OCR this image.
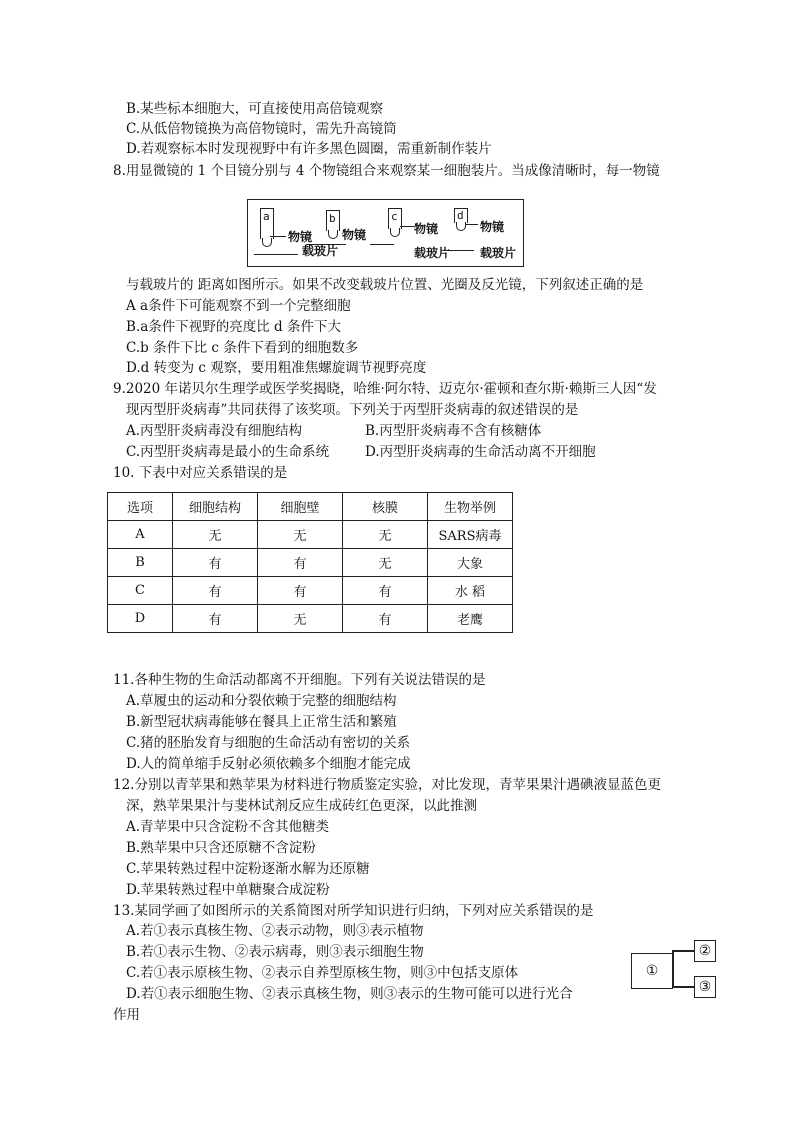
B.某些标本细胞大，可直接使用高倍镜观察
C.从低倍物镜换为高倍物镜时，需先升高镜筒
D.若观察标本时发现视野中有许多黑色圆圈，需重新制作装片
8.用显微镜的 1 个目镜分别与 4 个物镜组合来观察某一细胞装片。当成像清晰时，每一物镜
a
物镜
b
物镜
载玻片
c
物镜
载玻片
d
物镜
载玻片
与载玻片的 距离如图所示。如果不改变载玻片位置、光圈及反光镜，下列叙述正确的是
A a条件下可能观察不到一个完整细胞
B.a条件下视野的亮度比 d 条件下大
C.b 条件下比 c 条件下看到的细胞数多
D.d 转变为 c 观察，要用粗准焦螺旋调节视野亮度
9.2020 年诺贝尔生理学或医学奖揭晓，哈维·阿尔特、迈克尔·霍顿和查尔斯·赖斯三人因“发
现丙型肝炎病毒”共同获得了该奖项。下列关于丙型肝炎病毒的叙述错误的是
A.丙型肝炎病毒没有细胞结构	B.丙型肝炎病毒不含有核糖体
C.丙型肝炎病毒是最小的生命系统	D.丙型肝炎病毒的生命活动离不开细胞
10. 下表中对应关系错误的是
选项	细胞结构	细胞壁	核膜	生物举例
A	无	无	无	SARS病毒
B	有	有	无	大象
C	有	有	有	水 稻
D	有	无	有	老鹰
11.各种生物的生命活动都离不开细胞。下列有关说法错误的是
A.草履虫的运动和分裂依赖于完整的细胞结构
B.新型冠状病毒能够在餐具上正常生活和繁殖
C.猪的胚胎发育与细胞的生命活动有密切的关系
D.人的简单缩手反射必须依赖多个细胞才能完成
12.分别以青苹果和熟苹果为材料进行物质鉴定实验，对比发现，青苹果果汁遇碘液显蓝色更
深，熟苹果果汁与斐林试剂反应生成砖红色更深，以此推测
A.青苹果中只含淀粉不含其他糖类
B.熟苹果中只含还原糖不含淀粉
C.苹果转熟过程中淀粉逐渐水解为还原糖
D.苹果转熟过程中单糖聚合成淀粉
13.某同学画了如图所示的关系简图对所学知识进行归纳，下列对应关系错误的是
A.若①表示真核生物、②表示动物，则③表示植物
B.若①表示生物、②表示病毒，则③表示细胞生物
C.若①表示原核生物、②表示自养型原核生物，则③中包括支原体
D.若①表示细胞生物、②表示真核生物，则③表示的生物可能可以进行光合
作用
①
②
③
